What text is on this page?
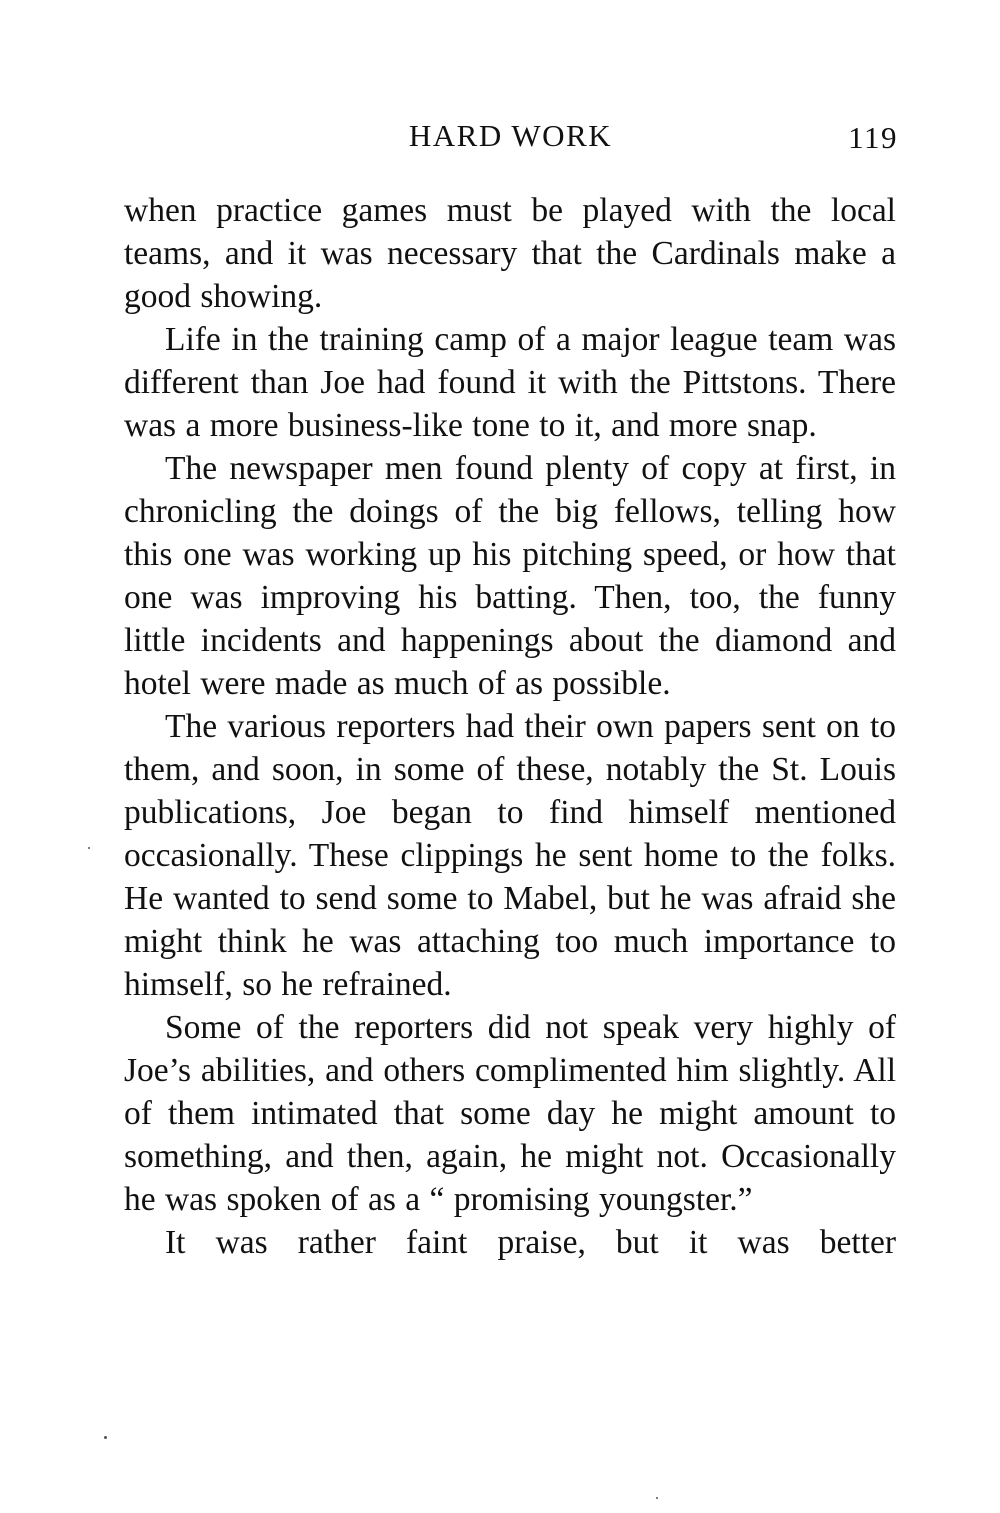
HARD WORK	119

when practice games must be played with the local teams, and it was necessary that the Cardinals make a good showing.

Life in the training camp of a major league team was different than Joe had found it with the Pittstons. There was a more business-like tone to it, and more snap.

The newspaper men found plenty of copy at first, in chronicling the doings of the big fellows, telling how this one was working up his pitching speed, or how that one was improving his batting. Then, too, the funny little incidents and happenings about the diamond and hotel were made as much of as possible.

The various reporters had their own papers sent on to them, and soon, in some of these, notably the St. Louis publications, Joe began to find himself mentioned occasionally. These clippings he sent home to the folks. He wanted to send some to Mabel, but he was afraid she might think he was attaching too much importance to himself, so he refrained.

Some of the reporters did not speak very highly of Joe’s abilities, and others complimented him slightly. All of them intimated that some day he might amount to something, and then, again, he might not. Occasionally he was spoken of as a “ promising youngster.”

It was rather faint praise, but it was better
